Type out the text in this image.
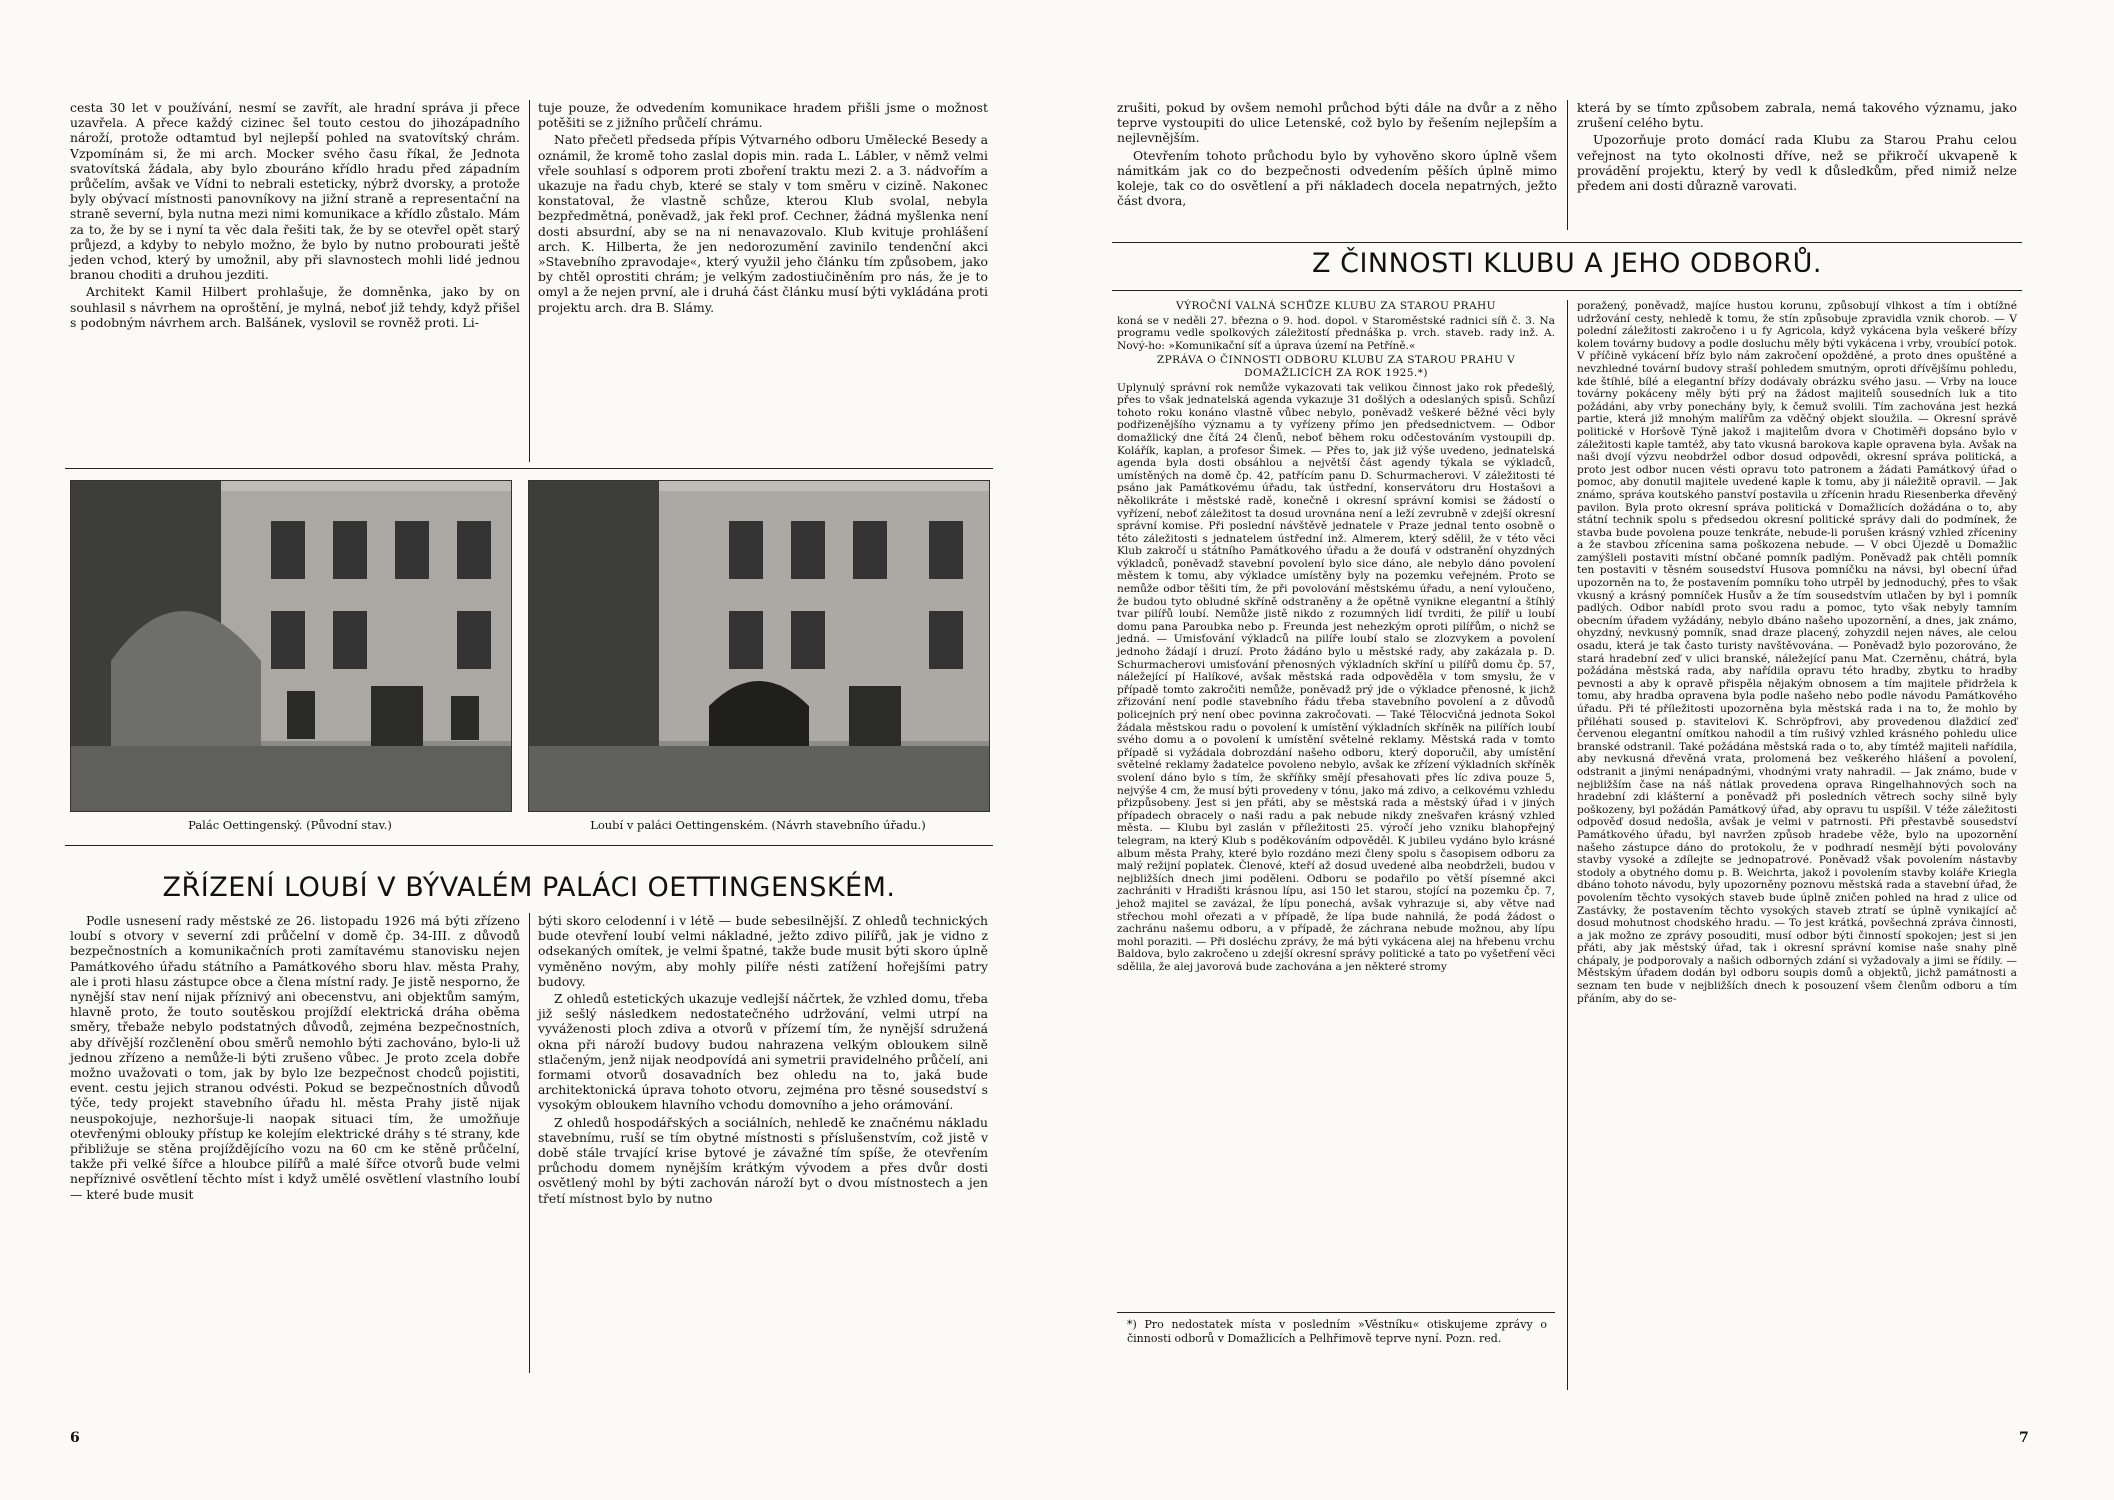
cesta 30 let v používání, nesmí se zavřít, ale hradní správa ji přece uzavřela. A přece každý cizinec šel touto cestou do jihozápadního nároží, protože odtamtud byl nejlepší pohled na svatovítský chrám. Vzpomínám si, že mi arch. Mocker svého času říkal, že Jednota svatovítská žádala, aby bylo zbouráno křídlo hradu před západním průčelím, avšak ve Vídni to nebrali esteticky, nýbrž dvorsky, a protože byly obývací místnosti panovníkovy na jižní straně a representační na straně severní, byla nutna mezi nimi komunikace a křídlo zůstalo. Mám za to, že by se i nyní ta věc dala řešiti tak, že by se otevřel opět starý průjezd, a kdyby to nebylo možno, že bylo by nutno probourati ještě jeden vchod, který by umožnil, aby při slavnostech mohli lidé jednou branou choditi a druhou jezditi.

Architekt Kamil Hilbert prohlašuje, že domněnka, jako by on souhlasil s návrhem na oproštění, je mylná, neboť již tehdy, když přišel s podobným návrhem arch. Balšánek, vyslovil se rovněž proti. Li-

tuje pouze, že odvedením komunikace hradem přišli jsme o možnost potěšiti se z jižního průčelí chrámu.

Nato přečetl předseda přípis Výtvarného odboru Umělecké Besedy a oznámil, že kromě toho zaslal dopis min. rada L. Lábler, v němž velmi vřele souhlasí s odporem proti zboření traktu mezi 2. a 3. nádvořím a ukazuje na řadu chyb, které se staly v tom směru v cizině. Nakonec konstatoval, že vlastně schůze, kterou Klub svolal, nebyla bezpředmětná, poněvadž, jak řekl prof. Cechner, žádná myšlenka není dosti absurdní, aby se na ni nenavazovalo. Klub kvituje prohlášení arch. K. Hilberta, že jen nedorozumění zavinilo tendenční akci »Stavebního zpravodaje«, který využil jeho článku tím způsobem, jako by chtěl oprostiti chrám; je velkým zadostiučiněním pro nás, že je to omyl a že nejen první, ale i druhá část článku musí býti vykládána proti projektu arch. dra B. Slámy.

Palác Oettingenský. (Původní stav.)	Loubí v paláci Oettingenském. (Návrh stavebního úřadu.)
ZŘÍZENÍ LOUBÍ V BÝVALÉM PALÁCI OETTINGENSKÉM.

Podle usnesení rady městské ze 26. listopadu 1926 má býti zřízeno loubí s otvory v severní zdi průčelní v domě čp. 34-III. z důvodů bezpečnostních a komunikačních proti zamítavému stanovisku nejen Památkového úřadu státního a Památkového sboru hlav. města Prahy, ale i proti hlasu zástupce obce a člena místní rady. Je jistě nesporno, že nynější stav není nijak příznivý ani obecenstvu, ani objektům samým, hlavně proto, že touto soutěskou projíždí elektrická dráha oběma směry, třebaže nebylo podstatných důvodů, zejména bezpečnostních, aby dřívější rozčlenění obou směrů nemohlo býti zachováno, bylo-li už jednou zřízeno a nemůže-li býti zrušeno vůbec. Je proto zcela dobře možno uvažovati o tom, jak by bylo lze bezpečnost chodců pojistiti, event. cestu jejich stranou odvésti. Pokud se bezpečnostních důvodů týče, tedy projekt stavebního úřadu hl. města Prahy jistě nijak neuspokojuje, nezhoršuje-li naopak situaci tím, že umožňuje otevřenými oblouky přístup ke kolejím elektrické dráhy s té strany, kde přibližuje se stěna projíždějícího vozu na 60 cm ke stěně průčelní, takže při velké šířce a hloubce pilířů a malé šířce otvorů bude velmi nepříznivé osvětlení těchto míst i když umělé osvětlení vlastního loubí — které bude musit

býti skoro celodenní i v létě — bude sebesilnější. Z ohledů technických bude otevření loubí velmi nákladné, ježto zdivo pilířů, jak je vidno z odsekaných omítek, je velmi špatné, takže bude musit býti skoro úplně vyměněno novým, aby mohly pilíře nésti zatížení hořejšími patry budovy.

Z ohledů estetických ukazuje vedlejší náčrtek, že vzhled domu, třeba již sešlý následkem nedostatečného udržování, velmi utrpí na vyváženosti ploch zdiva a otvorů v přízemí tím, že nynější sdružená okna při nároží budovy budou nahrazena velkým obloukem silně stlačeným, jenž nijak neodpovídá ani symetrii pravidelného průčelí, ani formami otvorů dosavadních bez ohledu na to, jaká bude architektonická úprava tohoto otvoru, zejména pro těsné sousedství s vysokým obloukem hlavního vchodu domovního a jeho orámování.

Z ohledů hospodářských a sociálních, nehledě ke značnému nákladu stavebnímu, ruší se tím obytné místnosti s příslušenstvím, což jistě v době stále trvající krise bytové je závažné tím spíše, že otevřením průchodu domem nynějším krátkým vývodem a přes dvůr dosti osvětlený mohl by býti zachován nároží byt o dvou místnostech a jen třetí místnost bylo by nutno

6

zrušiti, pokud by ovšem nemohl průchod býti dále na dvůr a z něho teprve vystoupiti do ulice Letenské, což bylo by řešením nejlepším a nejlevnějším.

Otevřením tohoto průchodu bylo by vyhověno skoro úplně všem námitkám jak co do bezpečnosti odvedením pěších úplně mimo koleje, tak co do osvětlení a při nákladech docela nepatrných, ježto část dvora,

která by se tímto způsobem zabrala, nemá takového významu, jako zrušení celého bytu.

Upozorňuje proto domácí rada Klubu za Starou Prahu celou veřejnost na tyto okolnosti dříve, než se přikročí ukvapeně k provádění projektu, který by vedl k důsledkům, před nimiž nelze předem ani dosti důrazně varovati.

Z ČINNOSTI KLUBU A JEHO ODBORŮ.

VÝROČNÍ VALNÁ SCHŮZE KLUBU ZA STAROU PRAHU

koná se v neděli 27. března o 9. hod. dopol. v Staroměstské radnici síň č. 3. Na programu vedle spolkových záležitostí přednáška p. vrch. staveb. rady inž. A. Nový-ho: »Komunikační síť a úprava území na Petříně.«

ZPRÁVA O ČINNOSTI ODBORU KLUBU ZA STAROU PRAHU V DOMAŽLICÍCH ZA ROK 1925.*)

Uplynulý správní rok nemůže vykazovati tak velikou činnost jako rok předešlý, přes to však jednatelská agenda vykazuje 31 došlých a odeslaných spisů. Schůzí tohoto roku konáno vlastně vůbec nebylo, poněvadž veškeré běžné věci byly podřizenějšího významu a ty vyřízeny přímo jen předsednictvem. — Odbor domažlický dne čítá 24 členů, neboť během roku odčestováním vystoupili dp. Kolářík, kaplan, a profesor Šimek. — Přes to, jak již výše uvedeno, jednatelská agenda byla dosti obsáhlou a největší část agendy týkala se výkladců, umístěných na domě čp. 42, patřícím panu D. Schurmacherovi. V záležitosti té psáno jak Památkovému úřadu, tak ústřední, konservátoru dru Hostašovi a několikráte i městské radě, konečně i okresní správní komisi se žádostí o vyřízení, neboť záležitost ta dosud urovnána není a leží zevrubně v zdejší okresní správní komise. Při poslední návštěvě jednatele v Praze jednal tento osobně o této záležitosti s jednatelem ústřední inž. Almerem, který sdělil, že v této věci Klub zakročí u státního Památkového úřadu a že doufá v odstranění ohyzdných výkladců, poněvadž stavební povolení bylo sice dáno, ale nebylo dáno povolení městem k tomu, aby výkladce umístěny byly na pozemku veřejném. Proto se nemůže odbor těšiti tím, že při povolování městskému úřadu, a není vyloučeno, že budou tyto obludné skříně odstraněny a že opětně vynikne elegantní a štíhlý tvar pilířů loubí. Nemůže jistě nikdo z rozumných lidí tvrditi, že pilíř u loubí domu pana Paroubka nebo p. Freunda jest nehezkým oproti pilířům, o nichž se jedná. — Umisťování výkladců na pilíře loubí stalo se zlozvykem a povolení jednoho žádají i druzí. Proto žádáno bylo u městské rady, aby zakázala p. D. Schurmacherovi umisťování přenosných výkladních skříní u pilířů domu čp. 57, náležející pí Halíkové, avšak městská rada odpověděla v tom smyslu, že v případě tomto zakročiti nemůže, poněvadž prý jde o výkladce přenosné, k jichž zřizování není podle stavebního řádu třeba stavebního povolení a z důvodů policejních prý není obec povinna zakročovati. — Také Tělocvičná jednota Sokol žádala městskou radu o povolení k umístění výkladních skříněk na pilířích loubí svého domu a o povolení k umístění světelné reklamy. Městská rada v tomto případě si vyžádala dobrozdání našeho odboru, který doporučil, aby umístění světelné reklamy žadatelce povoleno nebylo, avšak ke zřízení výkladních skříněk svolení dáno bylo s tím, že skříňky smějí přesahovati přes líc zdiva pouze 5, nejvýše 4 cm, že musí býti provedeny v tónu, jako má zdivo, a celkovému vzhledu přizpůsobeny. Jest si jen přáti, aby se městská rada a městský úřad i v jiných případech obracely o naši radu a pak nebude nikdy znešvařen krásný vzhled města. — Klubu byl zaslán v příležitosti 25. výročí jeho vzniku blahopřejný telegram, na který Klub s poděkováním odpověděl. K jubileu vydáno bylo krásné album města Prahy, které bylo rozdáno mezi členy spolu s časopisem odboru za malý režijní poplatek. Členové, kteří až dosud uvedené alba neobdrželi, budou v nejbližších dnech jimi poděleni. Odboru se podařilo po větší písemné akci zachrániti v Hradišti krásnou lípu, asi 150 let starou, stojící na pozemku čp. 7, jehož majitel se zavázal, že lípu ponechá, avšak vyhrazuje si, aby větve nad střechou mohl ořezati a v případě, že lípa bude nahnilá, že podá žádost o zachránu našemu odboru, a v případě, že záchrana nebude možnou, aby lípu mohl poraziti. — Při dosléchu zprávy, že má býti vykácena alej na hřebenu vrchu Baldova, bylo zakročeno u zdejší okresní správy politické a tato po vyšetření věci sdělila, že alej javorová bude zachována a jen některé stromy

*) Pro nedostatek místa v posledním »Věstníku« otiskujeme zprávy o činnosti odborů v Domažlicích a Pelhřimově teprve nyní. Pozn. red.

poražený, poněvadž, majíce hustou korunu, způsobují vlhkost a tím i obtížné udržování cesty, nehledě k tomu, že stín způsobuje zpravidla vznik chorob. — V polední záležitosti zakročeno i u fy Agricola, když vykácena byla veškeré břízy kolem továrny budovy a podle dosluchu měly býti vykácena i vrby, vroubící potok. V příčině vykácení bříz bylo nám zakročení opožděné, a proto dnes opuštěné a nevzhledné tovární budovy straší pohledem smutným, oproti dřívějšímu pohledu, kde štíhlé, bílé a elegantní břízy dodávaly obrázku svého jasu. — Vrby na louce továrny pokáceny měly býti prý na žádost majitelů sousedních luk a tito požádáni, aby vrby ponechány byly, k čemuž svolili. Tím zachována jest hezká partie, která již mnohým malířům za vděčný objekt sloužila. — Okresní správě politické v Horšově Týně jakož i majitelům dvora v Chotiměři dopsáno bylo v záležitosti kaple tamtéž, aby tato vkusná barokova kaple opravena byla. Avšak na naši dvojí výzvu neobdržel odbor dosud odpovědi, okresní správa politická, a proto jest odbor nucen vésti opravu toto patronem a žádati Památkový úřad o pomoc, aby donutil majitele uvedené kaple k tomu, aby ji náležitě opravil. — Jak známo, správa koutského panství postavila u zřícenin hradu Riesenberka dřevěný pavilon. Byla proto okresní správa politická v Domažlicích dožádána o to, aby státní technik spolu s předsedou okresní politické správy dali do podmínek, že stavba bude povolena pouze tenkráte, nebude-li porušen krásný vzhled zříceniny a že stavbou zřícenina sama poškozena nebude. — V obci Újezdě u Domažlic zamýšleli postaviti místní občané pomník padlým. Poněvadž pak chtěli pomník ten postaviti v těsném sousedství Husova pomníčku na návsi, byl obecní úřad upozorněn na to, že postavením pomníku toho utrpěl by jednoduchý, přes to však vkusný a krásný pomníček Husův a že tím sousedstvím utlačen by byl i pomník padlých. Odbor nabídl proto svou radu a pomoc, tyto však nebyly tamním obecním úřadem vyžádány, nebylo dbáno našeho upozornění, a dnes, jak známo, ohyzdný, nevkusný pomník, snad draze placený, zohyzdil nejen náves, ale celou osadu, která je tak často turisty navštěvována. — Poněvadž bylo pozorováno, že stará hradební zeď v ulici branské, náležející panu Mat. Czerněnu, chátrá, byla požádána městská rada, aby nařídila opravu této hradby, zbytku to hradby pevnosti a aby k opravě přispěla nějakým obnosem a tím majitele přidržela k tomu, aby hradba opravena byla podle našeho nebo podle návodu Památkového úřadu. Při té příležitosti upozorněna byla městská rada i na to, že mohlo by přiléhati soused p. stavitelovi K. Schröpfrovi, aby provedenou dlaždicí zeď červenou elegantní omítkou nahodil a tím rušivý vzhled krásného pohledu ulice branské odstranil. Také požádána městská rada o to, aby tímtéž majiteli nařídila, aby nevkusná dřevěná vrata, prolomená bez veškerého hlášení a povolení, odstranit a jinými nenápadnými, vhodnými vraty nahradil. — Jak známo, bude v nejbližším čase na náš nátlak provedena oprava Ringelhahnových soch na hradební zdi klášterní a poněvadž při posledních větrech sochy silně byly poškozeny, byl požádán Památkový úřad, aby opravu tu uspíšil. V téže záležitosti odpověď dosud nedošla, avšak je velmi v patrnosti. Při přestavbě sousedství Památkového úřadu, byl navržen způsob hradebe věže, bylo na upozornění našeho zástupce dáno do protokolu, že v podhradí nesmějí býti povolovány stavby vysoké a zdílejte se jednopatrové. Poněvadž však povolením nástavby stodoly a obytného domu p. B. Weichrta, jakož i povolením stavby koláře Kriegla dbáno tohoto návodu, byly upozorněny poznovu městská rada a stavební úřad, že povolením těchto vysokých staveb bude úplně zničen pohled na hrad z ulice od Zastávky, že postavením těchto vysokých staveb ztratí se úplně vynikající ač dosud mohutnost chodského hradu. — To jest krátká, povšechná zpráva činnosti, a jak možno ze zprávy posouditi, musí odbor býti činností spokojen; jest si jen přáti, aby jak městský úřad, tak i okresní správní komise naše snahy plně chápaly, je podporovaly a našich odborných zdání si vyžadovaly a jimi se řídily. — Městským úřadem dodán byl odboru soupis domů a objektů, jichž památnosti a seznam ten bude v nejbližších dnech k posouzení všem členům odboru a tím přáním, aby do se-

7
